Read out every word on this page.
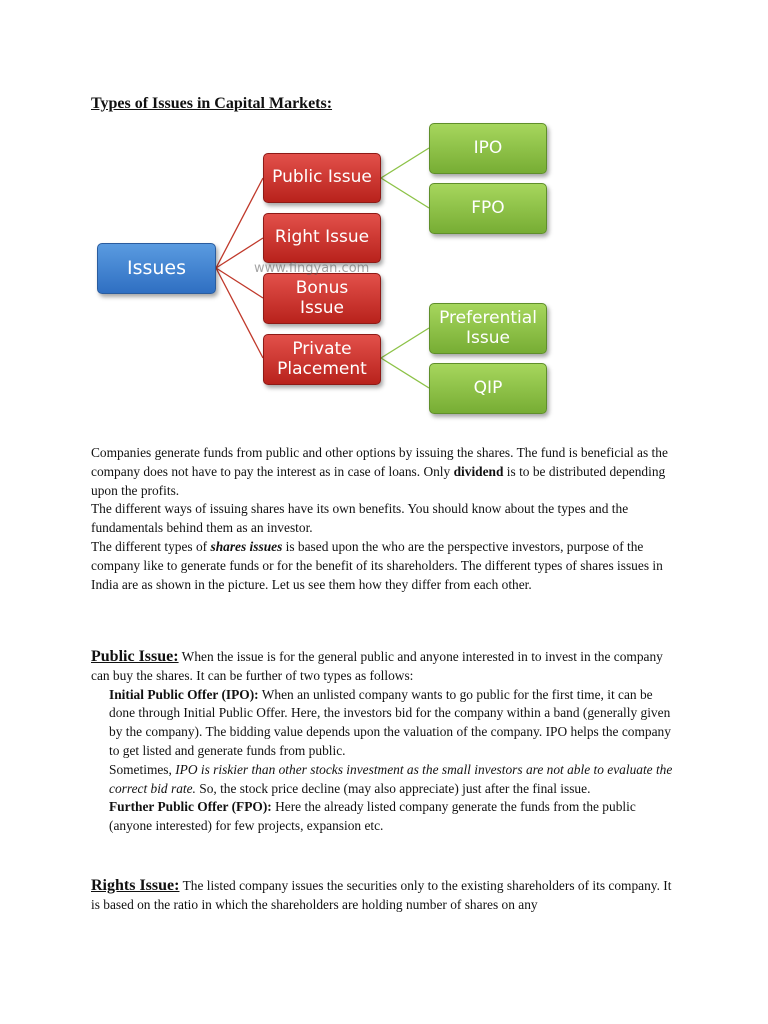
Types of Issues in Capital Markets:
Issues
Public Issue
Right Issue
Bonus
Issue
Private
Placement
IPO
FPO
Preferential
Issue
QIP
www.fingyan.com

Companies generate funds from public and other options by issuing the shares. The fund is beneficial as the company does not have to pay the interest as in case of loans. Only dividend is to be distributed depending upon the profits.

The different ways of issuing shares have its own benefits. You should know about the types and the fundamentals behind them as an investor.

The different types of shares issues is based upon the who are the perspective investors, purpose of the company like to generate funds or for the benefit of its shareholders. The different types of shares issues in India are as shown in the picture. Let us see them how they differ from each other.

Public Issue: When the issue is for the general public and anyone interested in to invest in the company can buy the shares. It can be further of two types as follows:

Initial Public Offer (IPO): When an unlisted company wants to go public for the first time, it can be done through Initial Public Offer. Here, the investors bid for the company within a band (generally given by the company). The bidding value depends upon the valuation of the company. IPO helps the company to get listed and generate funds from public.

Sometimes, IPO is riskier than other stocks investment as the small investors are not able to evaluate the correct bid rate. So, the stock price decline (may also appreciate) just after the final issue.

Further Public Offer (FPO): Here the already listed company generate the funds from the public (anyone interested) for few projects, expansion etc.

Rights Issue: The listed company issues the securities only to the existing shareholders of its company. It is based on the ratio in which the shareholders are holding number of shares on any
